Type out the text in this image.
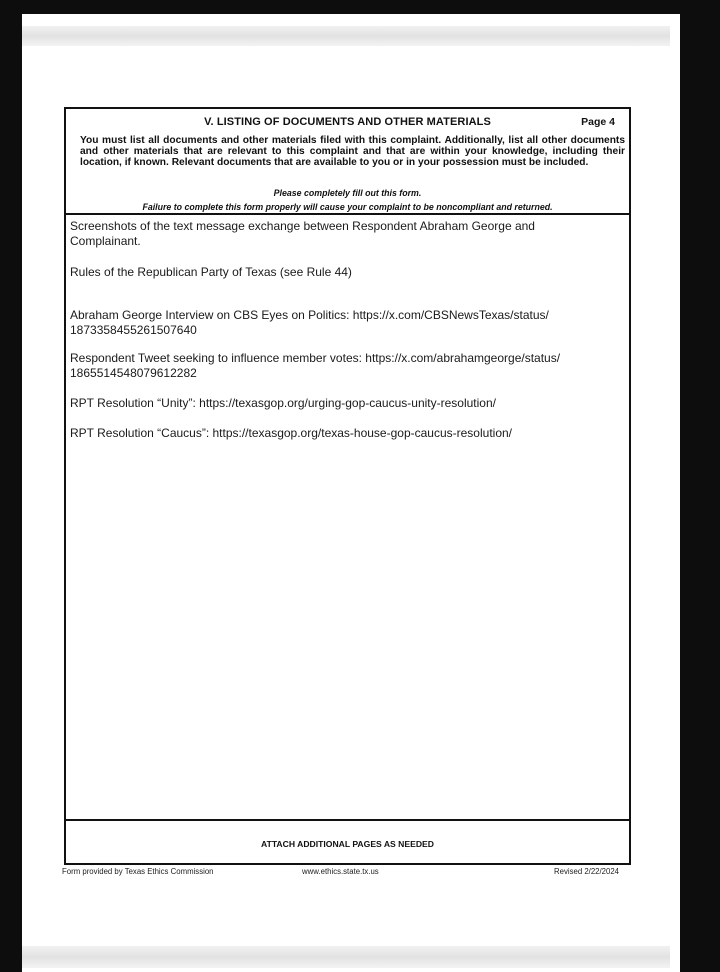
V. LISTING OF DOCUMENTS AND OTHER MATERIALS	Page 4
You must list all documents and other materials filed with this complaint. Additionally, list all other documents and other materials that are relevant to this complaint and that are within your knowledge, including their location, if known. Relevant documents that are available to you or in your possession must be included.
Please completely fill out this form.
Failure to complete this form properly will cause your complaint to be noncompliant and returned.
Screenshots of the text message exchange between Respondent Abraham George and
Complainant.
Rules of the Republican Party of Texas (see Rule 44)
Abraham George Interview on CBS Eyes on Politics: https://x.com/CBSNewsTexas/status/
1873358455261507640
Respondent Tweet seeking to influence member votes: https://x.com/abrahamgeorge/status/
1865514548079612282
RPT Resolution “Unity”: https://texasgop.org/urging-gop-caucus-unity-resolution/
RPT Resolution “Caucus”: https://texasgop.org/texas-house-gop-caucus-resolution/
ATTACH ADDITIONAL PAGES AS NEEDED
Form provided by Texas Ethics Commission	www.ethics.state.tx.us	Revised 2/22/2024
